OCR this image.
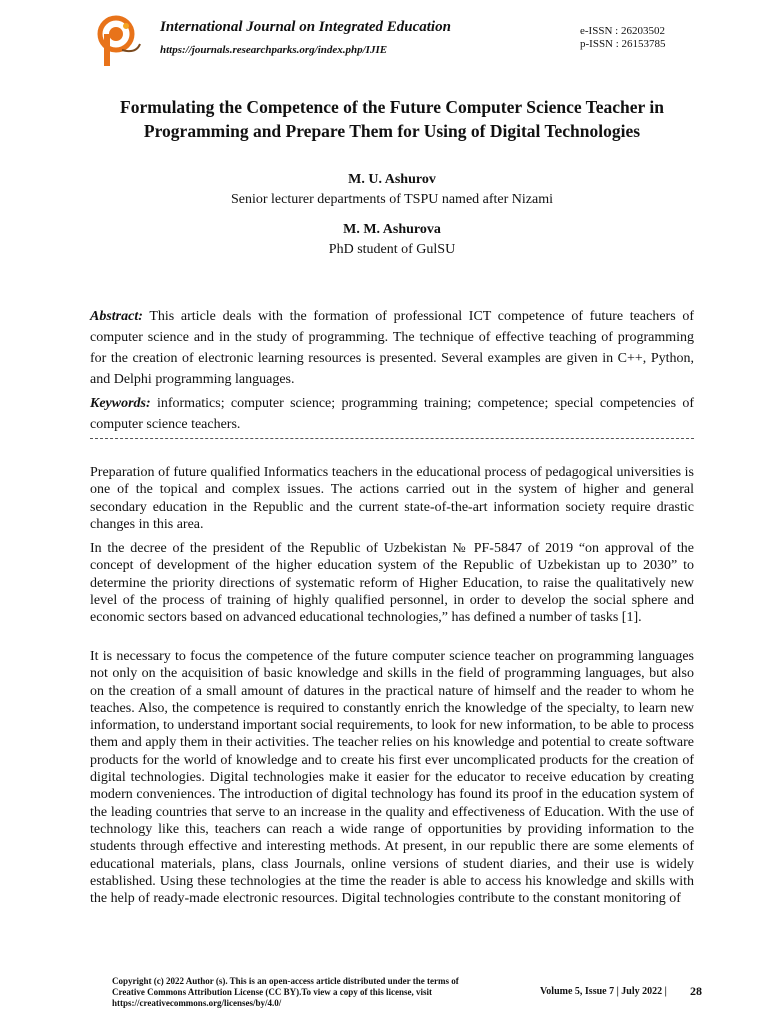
International Journal on Integrated Education
https://journals.researchparks.org/index.php/IJIE
e-ISSN : 26203502
p-ISSN : 26153785
Formulating the Competence of the Future Computer Science Teacher in Programming and Prepare Them for Using of Digital Technologies
M. U. Ashurov
Senior lecturer departments of TSPU named after Nizami
M. M. Ashurova
PhD student of GulSU
Abstract: This article deals with the formation of professional ICT competence of future teachers of computer science and in the study of programming. The technique of effective teaching of programming for the creation of electronic learning resources is presented. Several examples are given in C++, Python, and Delphi programming languages.
Keywords: informatics; computer science; programming training; competence; special competencies of computer science teachers.

Preparation of future qualified Informatics teachers in the educational process of pedagogical universities is one of the topical and complex issues. The actions carried out in the system of higher and general secondary education in the Republic and the current state-of-the-art information society require drastic changes in this area.

In the decree of the president of the Republic of Uzbekistan № PF-5847 of 2019 “on approval of the concept of development of the higher education system of the Republic of Uzbekistan up to 2030” to determine the priority directions of systematic reform of Higher Education, to raise the qualitatively new level of the process of training of highly qualified personnel, in order to develop the social sphere and economic sectors based on advanced educational technologies,” has defined a number of tasks [1].

It is necessary to focus the competence of the future computer science teacher on programming languages not only on the acquisition of basic knowledge and skills in the field of programming languages, but also on the creation of a small amount of datures in the practical nature of himself and the reader to whom he teaches. Also, the competence is required to constantly enrich the knowledge of the specialty, to learn new information, to understand important social requirements, to look for new information, to be able to process them and apply them in their activities. The teacher relies on his knowledge and potential to create software products for the world of knowledge and to create his first ever uncomplicated products for the creation of digital technologies. Digital technologies make it easier for the educator to receive education by creating modern conveniences. The introduction of digital technology has found its proof in the education system of the leading countries that serve to an increase in the quality and effectiveness of Education. With the use of technology like this, teachers can reach a wide range of opportunities by providing information to the students through effective and interesting methods. At present, in our republic there are some elements of educational materials, plans, class Journals, online versions of student diaries, and their use is widely established. Using these technologies at the time the reader is able to access his knowledge and skills with the help of ready-made electronic resources. Digital technologies contribute to the constant monitoring of

Copyright (c) 2022 Author (s). This is an open-access article distributed under the terms of Creative Commons Attribution License (CC BY).To view a copy of this license, visit https://creativecommons.org/licenses/by/4.0/
Volume 5, Issue 7 | July 2022 | 28
